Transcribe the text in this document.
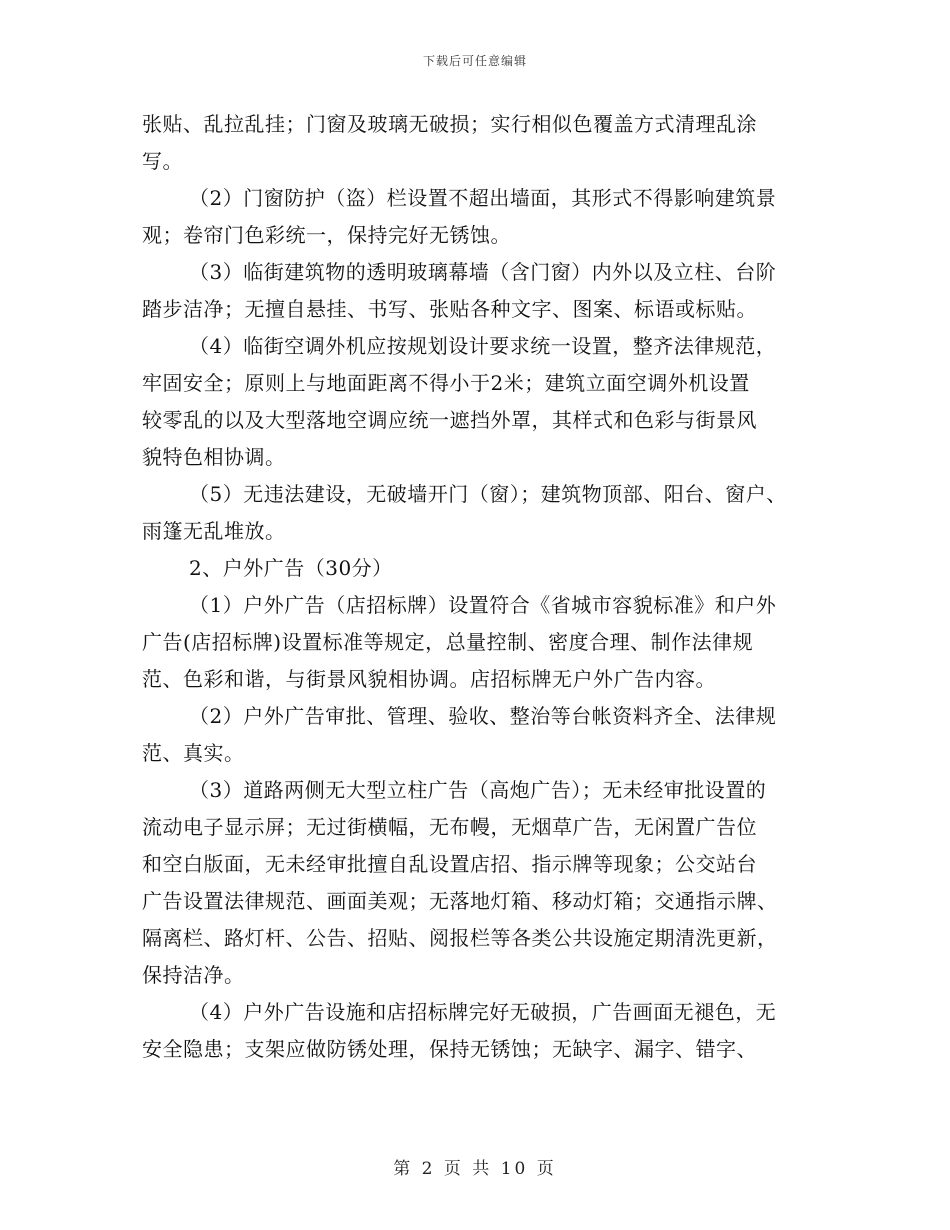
下载后可任意编辑
张贴、乱拉乱挂；门窗及玻璃无破损；实行相似色覆盖方式清理乱涂
写。
（2）门窗防护（盗）栏设置不超出墙面，其形式不得影响建筑景
观；卷帘门色彩统一，保持完好无锈蚀。
（3）临街建筑物的透明玻璃幕墙（含门窗）内外以及立柱、台阶
踏步洁净；无擅自悬挂、书写、张贴各种文字、图案、标语或标贴。
（4）临街空调外机应按规划设计要求统一设置，整齐法律规范，
牢固安全；原则上与地面距离不得小于2米；建筑立面空调外机设置
较零乱的以及大型落地空调应统一遮挡外罩，其样式和色彩与街景风
貌特色相协调。
（5）无违法建设，无破墙开门（窗）；建筑物顶部、阳台、窗户、
雨篷无乱堆放。
2、户外广告（30分）
（1）户外广告（店招标牌）设置符合《省城市容貌标准》和户外
广告(店招标牌)设置标准等规定，总量控制、密度合理、制作法律规
范、色彩和谐，与街景风貌相协调。店招标牌无户外广告内容。
（2）户外广告审批、管理、验收、整治等台帐资料齐全、法律规
范、真实。
（3）道路两侧无大型立柱广告（高炮广告）；无未经审批设置的
流动电子显示屏；无过街横幅，无布幔，无烟草广告，无闲置广告位
和空白版面，无未经审批擅自乱设置店招、指示牌等现象；公交站台
广告设置法律规范、画面美观；无落地灯箱、移动灯箱；交通指示牌、
隔离栏、路灯杆、公告、招贴、阅报栏等各类公共设施定期清洗更新，
保持洁净。
（4）户外广告设施和店招标牌完好无破损，广告画面无褪色，无
安全隐患；支架应做防锈处理，保持无锈蚀；无缺字、漏字、错字、
第 2 页 共 10 页
